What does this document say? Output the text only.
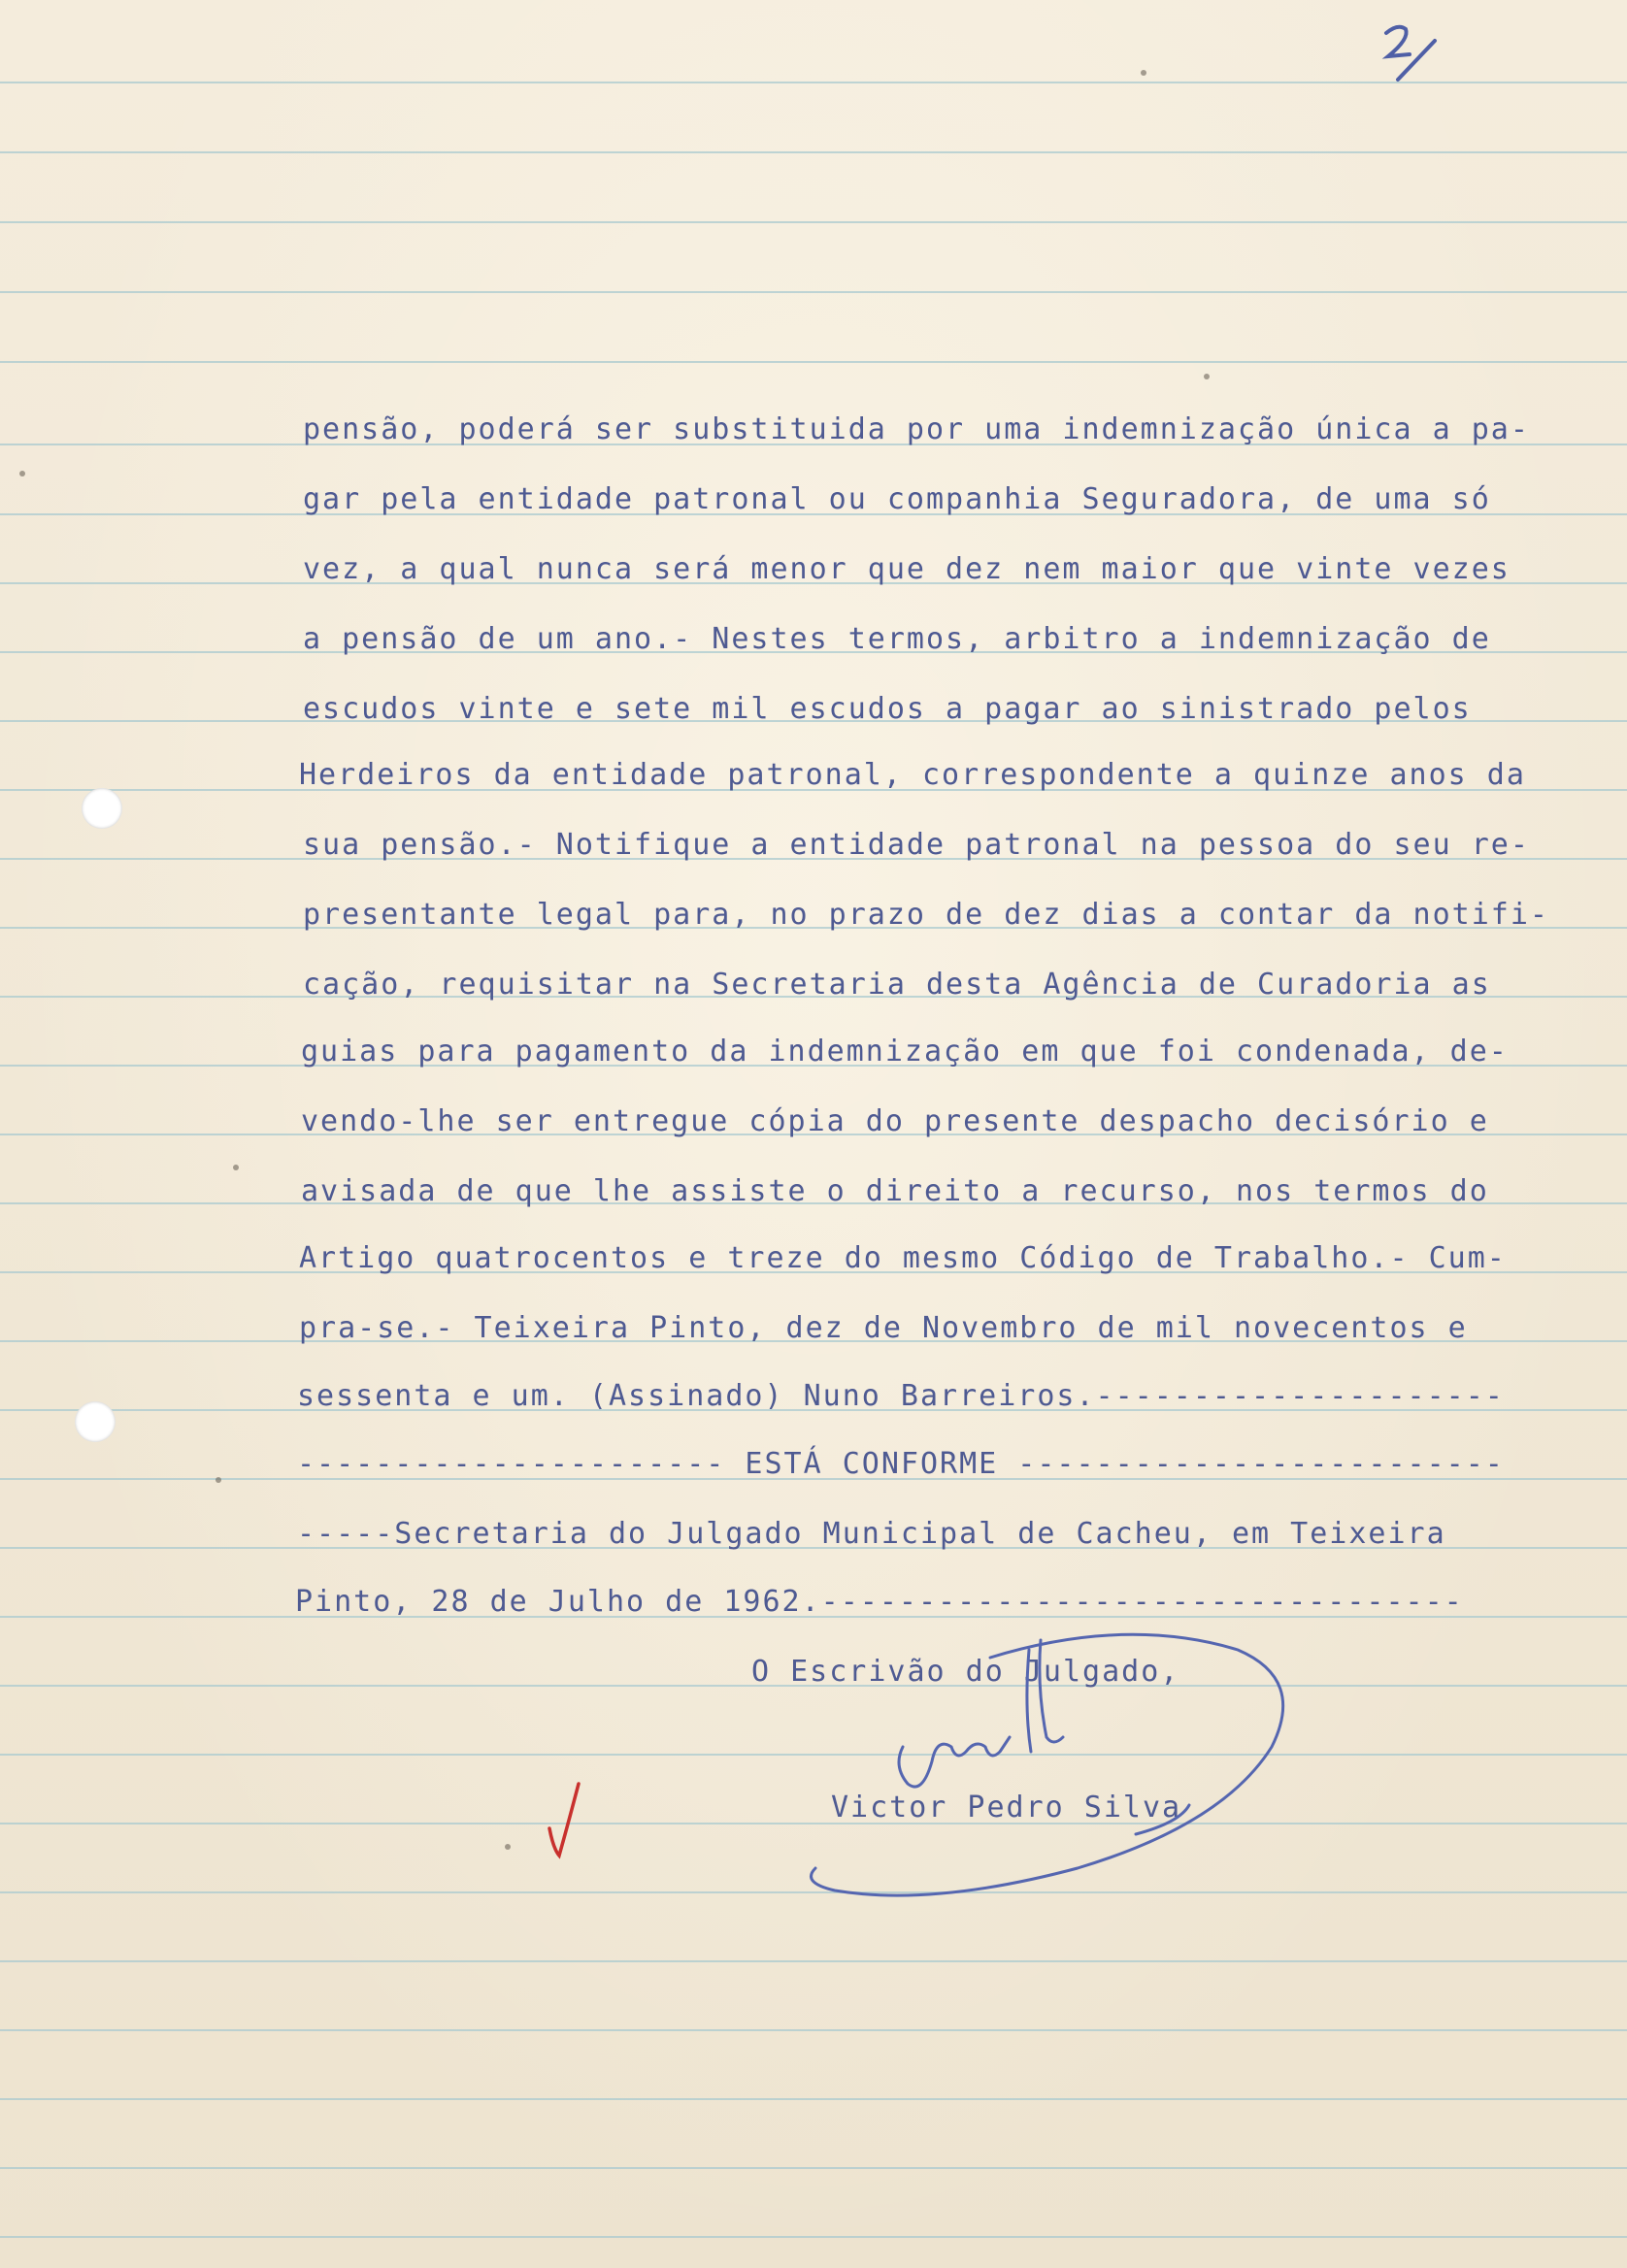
pensão, poderá ser substituida por uma indemnização única a pa-
gar pela entidade patronal ou companhia Seguradora, de uma só
vez, a qual nunca será menor que dez nem maior que vinte vezes
a pensão de um ano.- Nestes termos, arbitro a indemnização de
escudos vinte e sete mil escudos a pagar ao sinistrado pelos
Herdeiros da entidade patronal, correspondente a quinze anos da
sua pensão.- Notifique a entidade patronal na pessoa do seu re-
presentante legal para, no prazo de dez dias a contar da notifi-
cação, requisitar na Secretaria desta Agência de Curadoria as
guias para pagamento da indemnização em que foi condenada, de-
vendo-lhe ser entregue cópia do presente despacho decisório e
avisada de que lhe assiste o direito a recurso, nos termos do
Artigo quatrocentos e treze do mesmo Código de Trabalho.- Cum-
pra-se.- Teixeira Pinto, dez de Novembro de mil novecentos e
sessenta e um. (Assinado) Nuno Barreiros.---------------------
---------------------- ESTÁ CONFORME -------------------------
-----Secretaria do Julgado Municipal de Cacheu, em Teixeira
Pinto, 28 de Julho de 1962.---------------------------------
O Escrivão do Julgado,
Victor Pedro Silva
